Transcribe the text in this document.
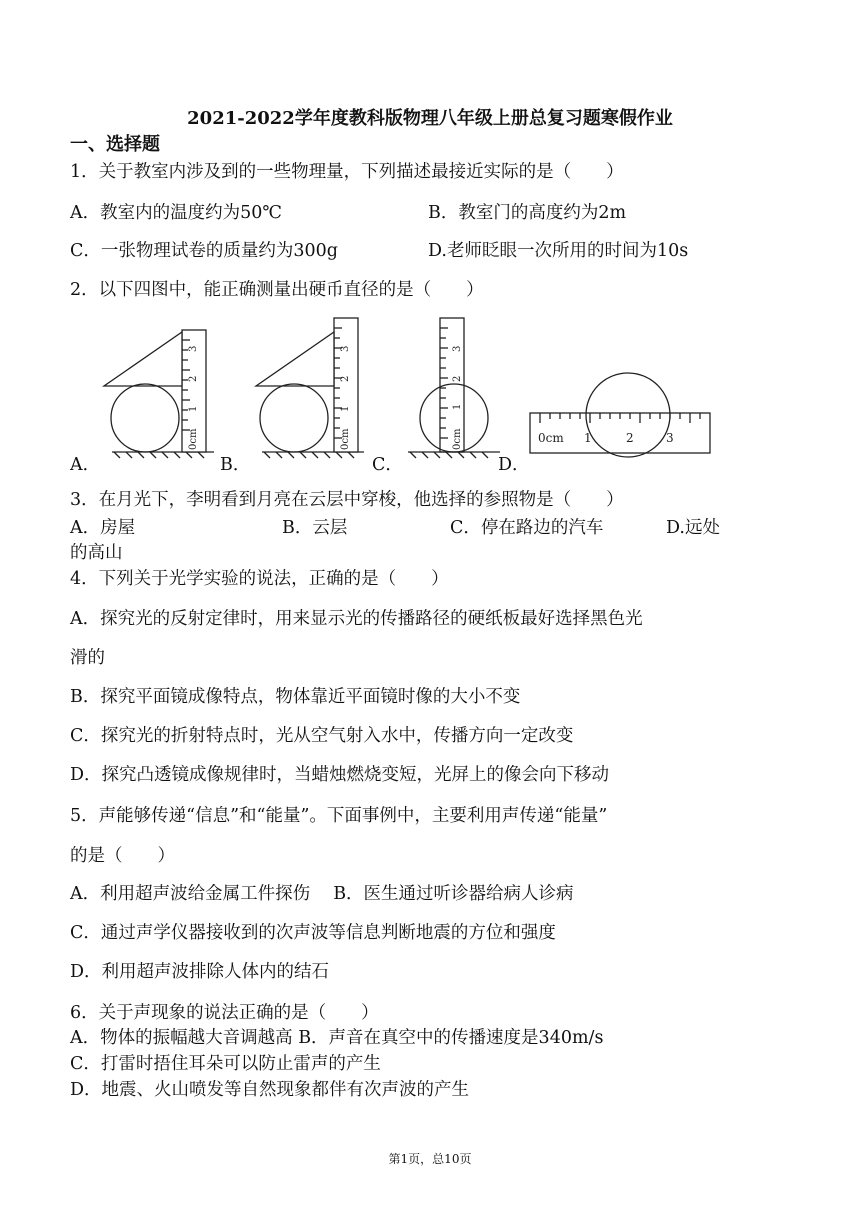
2021-2022学年度教科版物理八年级上册总复习题寒假作业
一、选择题
1．关于教室内涉及到的一些物理量，下列描述最接近实际的是（　　）
A．教室内的温度约为50℃	B．教室门的高度约为2m
C．一张物理试卷的质量约为300g	D.老师眨眼一次所用的时间为10s
2．以下四图中，能正确测量出硬币直径的是（　　）
0cm
1
2
3
0cm
1
2
3
0cm
1
2
3
0cm 1	2	3
A．	B．	C．	D．
3．在月光下，李明看到月亮在云层中穿梭，他选择的参照物是（　　）
A．房屋	B．云层	C．停在路边的汽车	D.远处
的高山
4．下列关于光学实验的说法，正确的是（　　）
A．探究光的反射定律时，用来显示光的传播路径的硬纸板最好选择黑色光
滑的
B．探究平面镜成像特点，物体靠近平面镜时像的大小不变
C．探究光的折射特点时，光从空气射入水中，传播方向一定改变
D．探究凸透镜成像规律时，当蜡烛燃烧变短，光屏上的像会向下移动
5．声能够传递“信息”和“能量”。下面事例中，主要利用声传递“能量”
的是（　　）
A．利用超声波给金属工件探伤　 B．医生通过听诊器给病人诊病
C．通过声学仪器接收到的次声波等信息判断地震的方位和强度
D．利用超声波排除人体内的结石
6．关于声现象的说法正确的是（　　）
A．物体的振幅越大音调越高 B．声音在真空中的传播速度是340m/s
C．打雷时捂住耳朵可以防止雷声的产生
D．地震、火山喷发等自然现象都伴有次声波的产生
第1页，总10页
